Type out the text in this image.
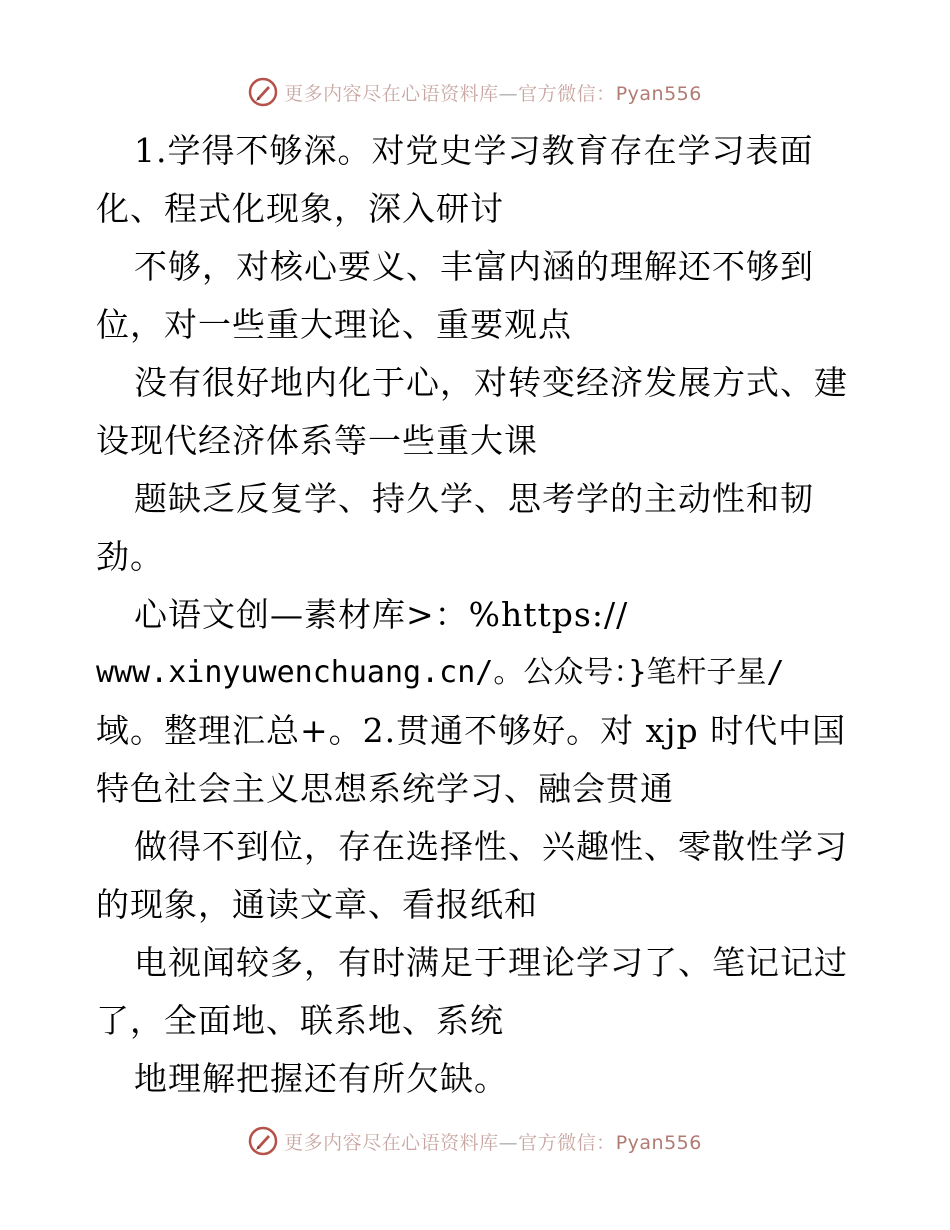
更多内容尽在心语资料库—官方微信：Pyan556
1.学得不够深。对党史学习教育存在学习表面
化、程式化现象，深入研讨
不够，对核心要义、丰富内涵的理解还不够到
位，对一些重大理论、重要观点
没有很好地内化于心，对转变经济发展方式、建
设现代经济体系等一些重大课
题缺乏反复学、持久学、思考学的主动性和韧
劲。
心语文创—素材库>：%https://
www.xinyuwenchuang.cn/。公众号：}笔杆子星/
域。整理汇总+。2.贯通不够好。对 xjp 时代中国
特色社会主义思想系统学习、融会贯通
做得不到位，存在选择性、兴趣性、零散性学习
的现象，通读文章、看报纸和
电视闻较多，有时满足于理论学习了、笔记记过
了，全面地、联系地、系统
地理解把握还有所欠缺。
更多内容尽在心语资料库—官方微信：Pyan556
